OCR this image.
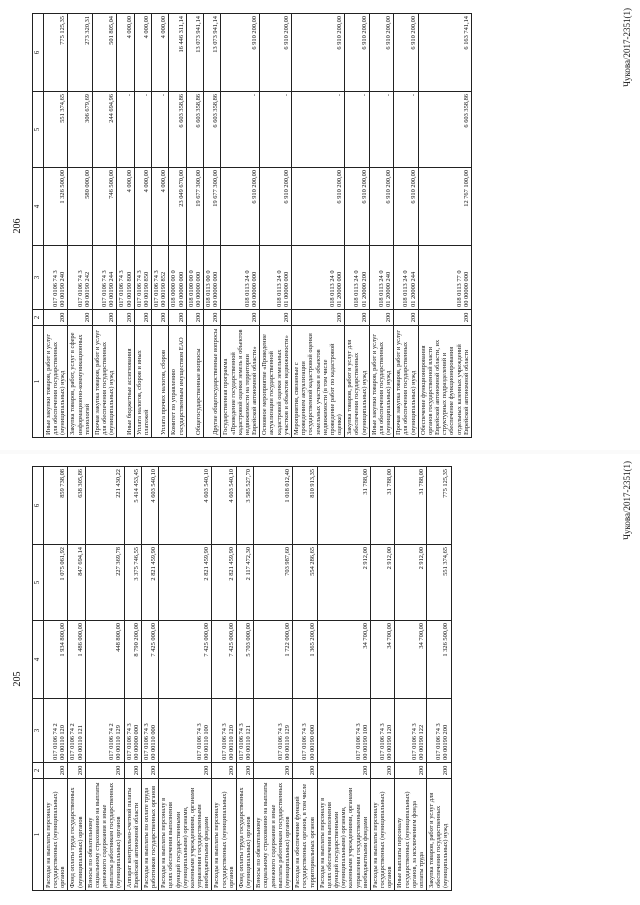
205
1	2	3	4	5	6
Расходы на выплаты персоналу государственных (муниципальных) органов	200	017 0106 74 2
00 00110 120	1 934 800,00	1 075 061,92	859 738,08
Фонд оплаты труда государственных (муниципальных) органов	200	017 0106 74 2
00 00110 121	1 486 000,00	847 694,14	638 305,86
Взносы по обязательному социальному страхованию на выплаты денежного содержания и иные выплаты работникам государственных (муниципальных) органов	200	017 0106 74 2
00 00110 129	448 800,00	227 369,78	221 430,22
Аппарат контрольно-счетной палаты Еврейской автономной области	200	017 0106 74 3
00 00000 000	8 790 200,00	3 375 746,55	5 414 453,45
Расходы на выплаты по оплате труда работников государственных органов	200	017 0106 74 3
00 00110 000	7 425 000,00	2 821 459,90	4 603 540,10
Расходы на выплаты персоналу в целях обеспечения выполнения функций государственными (муниципальными) органами, казенными учреждениями, органами управления государственными внебюджетными фондами	200	017 0106 74 3
00 00110 100	7 425 000,00	2 821 459,90	4 603 540,10
Расходы на выплаты персоналу государственных (муниципальных) органов	200	017 0106 74 3
00 00110 120	7 425 000,00	2 821 459,90	4 603 540,10
Фонд оплаты труда государственных (муниципальных) органов	200	017 0106 74 3
00 00110 121	5 703 000,00	2 117 472,30	3 585 527,70
Взносы по обязательному социальному страхованию на выплаты денежного содержания и иные выплаты работникам государственных (муниципальных) органов	200	017 0106 74 3
00 00110 129	1 722 000,00	703 987,60	1 018 012,40
Расходы на обеспечение функций государственных органов, в том числе территориальных органов	200	017 0106 74 3
00 00190 000	1 365 200,00	554 286,65	810 913,35
Расходы на выплаты персоналу в целях обеспечения выполнения функций государственными (муниципальными) органами, казенными учреждениями, органами управления государственными внебюджетными фондами	200	017 0106 74 3
00 00190 100	34 700,00	2 912,00	31 788,00
Расходы на выплаты персоналу государственных (муниципальных) органов	200	017 0106 74 3
00 00190 120	34 700,00	2 912,00	31 788,00
Иные выплаты персоналу государственных (муниципальных) органов, за исключением фонда оплаты труда	200	017 0106 74 3
00 00190 122	34 700,00	2 912,00	31 788,00
Закупка товаров, работ и услуг для обеспечения государственных (муниципальных) нужд	200	017 0106 74 3
00 00190 200	1 326 500,00	551 374,65	775 125,35	Чукова/2017-2351(1)
206
1	2	3	4	5	6
Иные закупки товаров, работ и услуг для обеспечения государственных (муниципальных) нужд	200	017 0106 74 3
00 00190 240	1 326 500,00	551 374,65	775 125,35
Закупка товаров, работ, услуг в сфере информационно-коммуникационных технологий	200	017 0106 74 3
00 00190 242	580 000,00	306 679,69	273 320,31
Прочая закупка товаров, работ и услуг для обеспечения государственных (муниципальных) нужд	200	017 0106 74 3
00 00190 244	746 500,00	244 694,96	501 805,04
Иные бюджетные ассигнования	200	017 0106 74 3
00 00190 800	4 000,00	-	4 000,00
Уплата налогов, сборов и иных платежей	200	017 0106 74 3
00 00190 850	4 000,00	-	4 000,00
Уплата прочих налогов, сборов	200	017 0106 74 3
00 00190 852	4 000,00	-	4 000,00
Комитет по управлению государственным имуществом ЕАО	200	018 0000 00 0
00 00000 000	23 049 670,00	6 603 358,86	16 446 311,14
Общегосударственные вопросы	200	018 0100 00 0
00 00000 000	19 677 300,00	6 603 358,86	13 073 941,14
Другие общегосударственные вопросы	200	018 0113 00 0
00 00000 000	19 677 300,00	6 603 358,86	13 073 941,14
Государственная программа «Проведение государственной кадастровой оценки земель и объектов недвижимости на территории Еврейской автономной области»	200	018 0113 24 0
00 00000 000	6 910 200,00	-	6 910 200,00
Основное мероприятие «Проведение актуализации государственной кадастровой оценки земельных участков и объектов недвижимости»	200	018 0113 24 0
01 00000 000	6 910 200,00	-	6 910 200,00
Мероприятия, связанные с проведением актуализации государственной кадастровой оценки земельных участков и объектов недвижимости (в том числе проведение работ по кадастровой оценке)	200	018 0113 24 0
01 20000 000	6 910 200,00	-	6 910 200,00
Закупка товаров, работ и услуг для обеспечения государственных (муниципальных) нужд	200	018 0113 24 0
01 20000 200	6 910 200,00	-	6 910 200,00
Иные закупки товаров, работ и услуг для обеспечения государственных (муниципальных) нужд	200	018 0113 24 0
01 20000 240	6 910 200,00	-	6 910 200,00
Прочая закупка товаров, работ и услуг для обеспечения государственных (муниципальных) нужд	200	018 0113 24 0
01 20000 244	6 910 200,00	-	6 910 200,00
Обеспечение функционирования органов государственной власти Еврейской автономной области, их структурных подразделений и обеспечение функционирования отдельных казенных учреждений Еврейской автономной области	200	018 0113 77 0
00 00000 000	12 767 100,00	6 603 358,86	6 163 741,14	Чукова/2017-2351(1)
